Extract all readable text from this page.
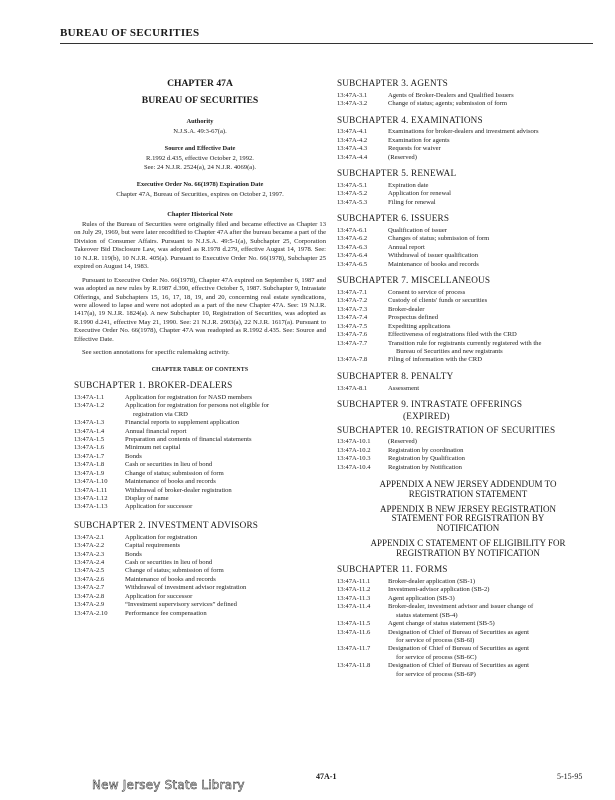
BUREAU OF SECURITIES
CHAPTER 47A
BUREAU OF SECURITIES
Authority
N.J.S.A. 49:3-67(a).
Source and Effective Date
R.1992 d.435, effective October 2, 1992.
See: 24 N.J.R. 2524(a), 24 N.J.R. 4069(a).
Executive Order No. 66(1978) Expiration Date
Chapter 47A, Bureau of Securities, expires on October 2, 1997.
Chapter Historical Note

Rules of the Bureau of Securities were originally filed and became effective as Chapter 13 on July 29, 1969, but were later recodified to Chapter 47A after the bureau became a part of the Division of Consumer Affairs. Pursuant to N.J.S.A. 49:5-1(a), Subchapter 25, Corporation Takeover Bid Disclosure Law, was adopted as R.1978 d.279, effective August 14, 1978. See: 10 N.J.R. 119(b), 10 N.J.R. 405(a). Pursuant to Executive Order No. 66(1978), Subchapter 25 expired on August 14, 1983.

Pursuant to Executive Order No. 66(1978), Chapter 47A expired on September 6, 1987 and was adopted as new rules by R.1987 d.390, effective October 5, 1987. Subchapter 9, Intrastate Offerings, and Subchapters 15, 16, 17, 18, 19, and 20, concerning real estate syndications, were allowed to lapse and were not adopted as a part of the new Chapter 47A. See: 19 N.J.R. 1417(a), 19 N.J.R. 1824(a). A new Subchapter 10, Registration of Securities, was adopted as R.1990 d.241, effective May 21, 1990. See: 21 N.J.R. 2903(a), 22 N.J.R. 1617(a). Pursuant to Executive Order No. 66(1978), Chapter 47A was readopted as R.1992 d.435. See: Source and Effective Date.

See section annotations for specific rulemaking activity.

CHAPTER TABLE OF CONTENTS
SUBCHAPTER 1. BROKER-DEALERS
13:47A-1.1	Application for registration for NASD members
13:47A-1.2	Application for registration for persons not eligible for
registration via CRD
13:47A-1.3	Financial reports to supplement application
13:47A-1.4	Annual financial report
13:47A-1.5	Preparation and contents of financial statements
13:47A-1.6	Minimum net capital
13:47A-1.7	Bonds
13:47A-1.8	Cash or securities in lieu of bond
13:47A-1.9	Change of status; submission of form
13:47A-1.10	Maintenance of books and records
13:47A-1.11	Withdrawal of broker-dealer registration
13:47A-1.12	Display of name
13:47A-1.13	Application for successor
SUBCHAPTER 2. INVESTMENT ADVISORS
13:47A-2.1	Application for registration
13:47A-2.2	Capital requirements
13:47A-2.3	Bonds
13:47A-2.4	Cash or securities in lieu of bond
13:47A-2.5	Change of status; submission of form
13:47A-2.6	Maintenance of books and records
13:47A-2.7	Withdrawal of investment advisor registration
13:47A-2.8	Application for successor
13:47A-2.9	“Investment supervisory services” defined
13:47A-2.10	Performance fee compensation
SUBCHAPTER 3. AGENTS
13:47A-3.1	Agents of Broker-Dealers and Qualified Issuers
13:47A-3.2	Change of status; agents; submission of form
SUBCHAPTER 4. EXAMINATIONS
13:47A-4.1	Examinations for broker-dealers and investment advisors
13:47A-4.2	Examination for agents
13:47A-4.3	Requests for waiver
13:47A-4.4	(Reserved)
SUBCHAPTER 5. RENEWAL
13:47A-5.1	Expiration date
13:47A-5.2	Application for renewal
13:47A-5.3	Filing for renewal
SUBCHAPTER 6. ISSUERS
13:47A-6.1	Qualification of issuer
13:47A-6.2	Changes of status; submission of form
13:47A-6.3	Annual report
13:47A-6.4	Withdrawal of issuer qualification
13:47A-6.5	Maintenance of books and records
SUBCHAPTER 7. MISCELLANEOUS
13:47A-7.1	Consent to service of process
13:47A-7.2	Custody of clients' funds or securities
13:47A-7.3	Broker-dealer
13:47A-7.4	Prospectus defined
13:47A-7.5	Expediting applications
13:47A-7.6	Effectiveness of registrations filed with the CRD
13:47A-7.7	Transition rule for registrants currently registered with the
Bureau of Securities and new registrants
13:47A-7.8	Filing of information with the CRD
SUBCHAPTER 8. PENALTY
13:47A-8.1	Assessment
SUBCHAPTER 9. INTRASTATE OFFERINGS
(EXPIRED)
SUBCHAPTER 10. REGISTRATION OF SECURITIES
13:47A-10.1	(Reserved)
13:47A-10.2	Registration by coordination
13:47A-10.3	Registration by Qualification
13:47A-10.4	Registration by Notification
APPENDIX A NEW JERSEY ADDENDUM TO
REGISTRATION STATEMENT
APPENDIX B NEW JERSEY REGISTRATION
STATEMENT FOR REGISTRATION BY
NOTIFICATION
APPENDIX C STATEMENT OF ELIGIBILITY FOR
REGISTRATION BY NOTIFICATION
SUBCHAPTER 11. FORMS
13:47A-11.1	Broker-dealer application (SB-1)
13:47A-11.2	Investment-advisor application (SB-2)
13:47A-11.3	Agent application (SB-3)
13:47A-11.4	Broker-dealer, investment advisor and issuer change of
status statement (SB-4)
13:47A-11.5	Agent change of status statement (SB-5)
13:47A-11.6	Designation of Chief of Bureau of Securities as agent
for service of process (SB-6I)
13:47A-11.7	Designation of Chief of Bureau of Securities as agent
for service of process (SB-6C)
13:47A-11.8	Designation of Chief of Bureau of Securities as agent
for service of process (SB-6P)
47A-1	5-15-95
New Jersey State Library
